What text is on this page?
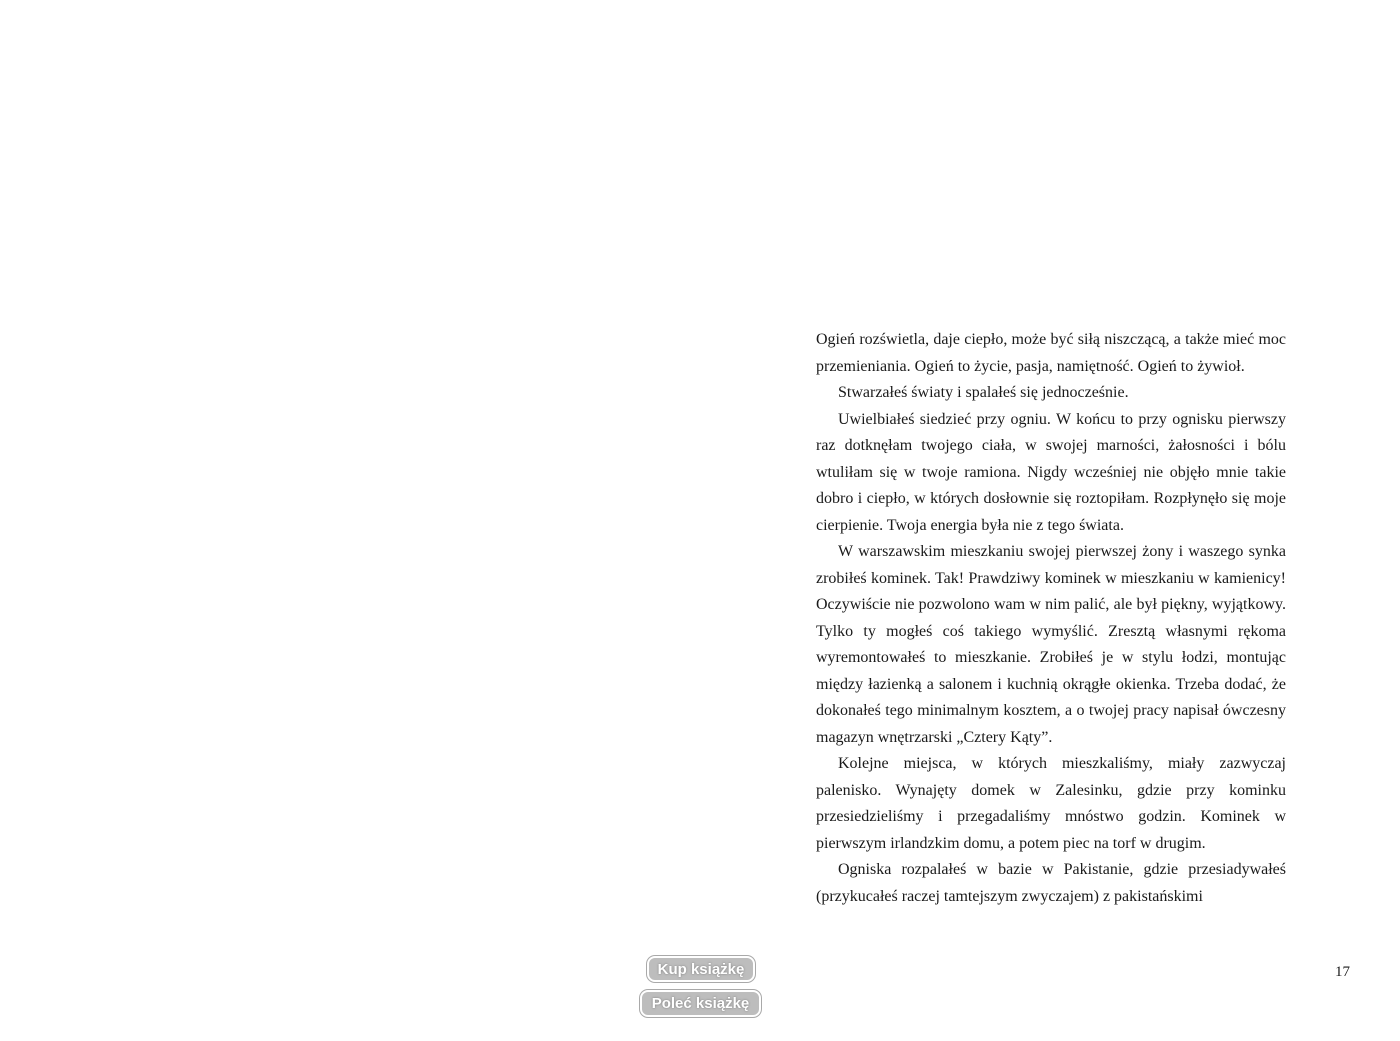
Ogień rozświetla, daje ciepło, może być siłą niszczącą, a także mieć moc przemieniania. Ogień to życie, pasja, namiętność. Ogień to żywioł.

Stwarzałeś światy i spalałeś się jednocześnie.

Uwielbiałeś siedzieć przy ogniu. W końcu to przy ognisku pierwszy raz dotknęłam twojego ciała, w swojej marności, żałosności i bólu wtuliłam się w twoje ramiona. Nigdy wcześniej nie objęło mnie takie dobro i ciepło, w których dosłownie się roztopiłam. Rozpłynęło się moje cierpienie. Twoja energia była nie z tego świata.

W warszawskim mieszkaniu swojej pierwszej żony i waszego synka zrobiłeś kominek. Tak! Prawdziwy kominek w mieszkaniu w kamienicy! Oczywiście nie pozwolono wam w nim palić, ale był piękny, wyjątkowy. Tylko ty mogłeś coś takiego wymyślić. Zresztą własnymi rękoma wyremontowałeś to mieszkanie. Zrobiłeś je w stylu łodzi, montując między łazienką a salonem i kuchnią okrągłe okienka. Trzeba dodać, że dokonałeś tego minimalnym kosztem, a o twojej pracy napisał ówczesny magazyn wnętrzarski „Cztery Kąty”.

Kolejne miejsca, w których mieszkaliśmy, miały zazwyczaj palenisko. Wynajęty domek w Zalesinku, gdzie przy kominku przesiedzieliśmy i przegadaliśmy mnóstwo godzin. Kominek w pierwszym irlandzkim domu, a potem piec na torf w drugim.

Ogniska rozpalałeś w bazie w Pakistanie, gdzie przesiadywałeś (przykucałeś raczej tamtejszym zwyczajem) z pakistańskimi

17
Kup książkę
Poleć książkę
